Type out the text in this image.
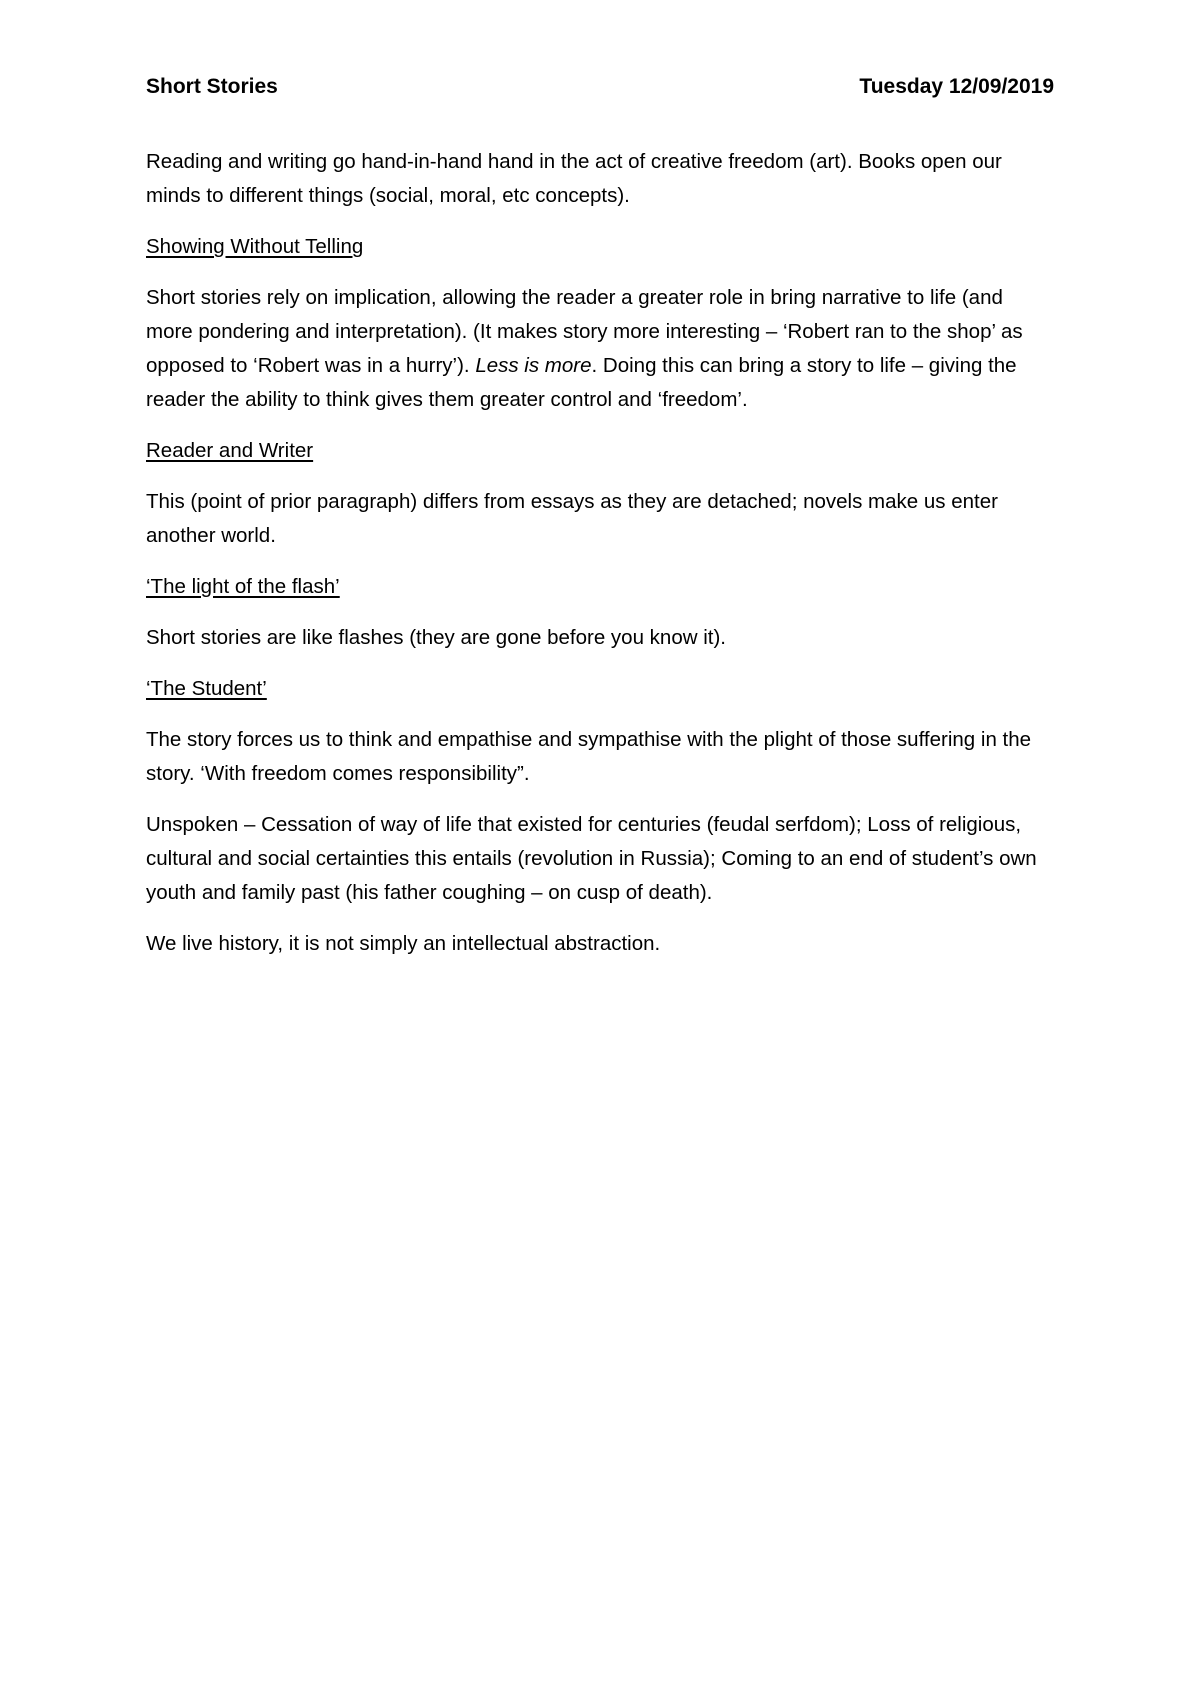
Short Stories	Tuesday 12/09/2019

Reading and writing go hand-in-hand hand in the act of creative freedom (art). Books open our minds to different things (social, moral, etc concepts).

Showing Without Telling

Short stories rely on implication, allowing the reader a greater role in bring narrative to life (and more pondering and interpretation). (It makes story more interesting – ‘Robert ran to the shop’ as opposed to ‘Robert was in a hurry’). Less is more. Doing this can bring a story to life – giving the reader the ability to think gives them greater control and ‘freedom’.

Reader and Writer

This (point of prior paragraph) differs from essays as they are detached; novels make us enter another world.

‘The light of the flash’

Short stories are like flashes (they are gone before you know it).

‘The Student’

The story forces us to think and empathise and sympathise with the plight of those suffering in the story. ‘With freedom comes responsibility”.

Unspoken – Cessation of way of life that existed for centuries (feudal serfdom); Loss of religious, cultural and social certainties this entails (revolution in Russia); Coming to an end of student’s own youth and family past (his father coughing – on cusp of death).

We live history, it is not simply an intellectual abstraction.
